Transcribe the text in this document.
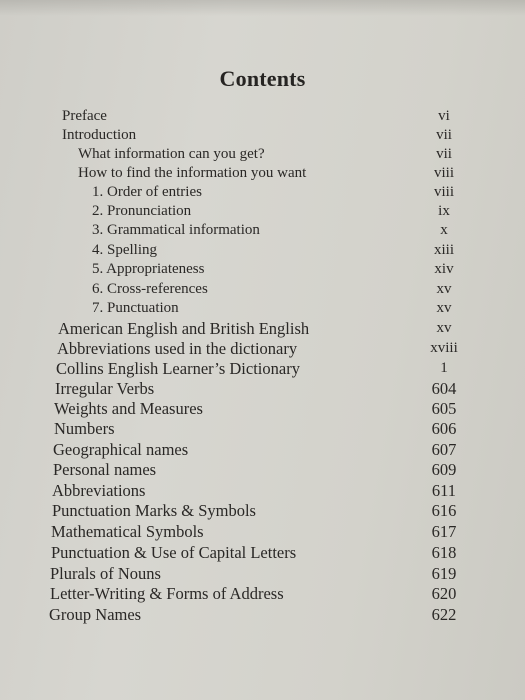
Contents
Preface
Introduction
What information can you get?
How to find the information you want
1. Order of entries
2. Pronunciation
3. Grammatical information
4. Spelling
5. Appropriateness
6. Cross-references
7. Punctuation
American English and British English
Abbreviations used in the dictionary
Collins English Learner’s Dictionary
Irregular Verbs
Weights and Measures
Numbers
Geographical names
Personal names
Abbreviations
Punctuation Marks & Symbols
Mathematical Symbols
Punctuation & Use of Capital Letters
Plurals of Nouns
Letter-Writing & Forms of Address
Group Names
vi
vii
vii
viii
viii
ix
x
xiii
xiv
xv
xv
xv
xviii
1
604
605
606
607
609
611
616
617
618
619
620
622
